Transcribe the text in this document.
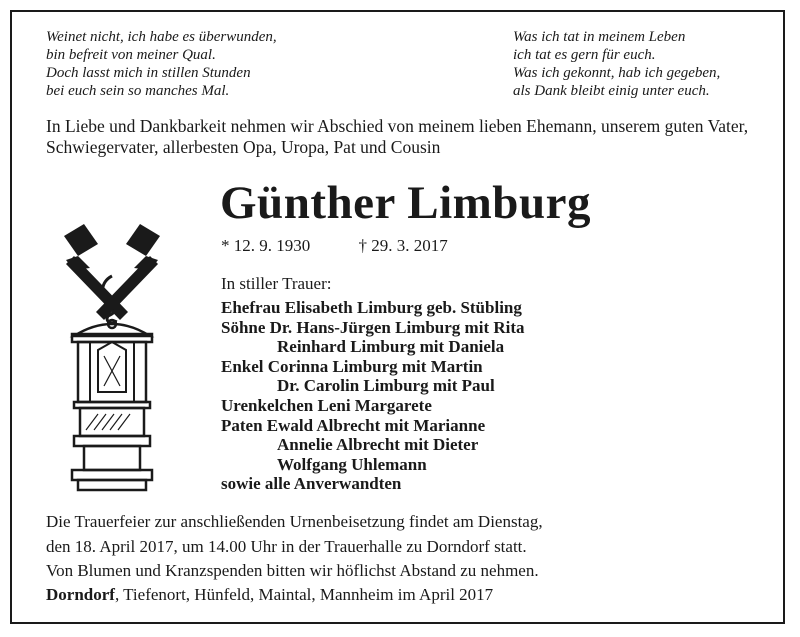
Weinet nicht, ich habe es überwunden,
bin befreit von meiner Qual.
Doch lasst mich in stillen Stunden
bei euch sein so manches Mal.
Was ich tat in meinem Leben
ich tat es gern für euch.
Was ich gekonnt, hab ich gegeben,
als Dank bleibt einig unter euch.
In Liebe und Dankbarkeit nehmen wir Abschied von meinem lieben Ehemann, unserem guten Vater, Schwiegervater, allerbesten Opa, Uropa, Pat und Cousin
Günther Limburg
* 12. 9. 1930	† 29. 3. 2017
In stiller Trauer:
Ehefrau Elisabeth Limburg geb. Stübling
Söhne Dr. Hans-Jürgen Limburg mit Rita
Reinhard Limburg mit Daniela
Enkel Corinna Limburg mit Martin
Dr. Carolin Limburg mit Paul
Urenkelchen Leni Margarete
Paten Ewald Albrecht mit Marianne
Annelie Albrecht mit Dieter
Wolfgang Uhlemann
sowie alle Anverwandten
Die Trauerfeier zur anschließenden Urnenbeisetzung findet am Dienstag,
den 18. April 2017, um 14.00 Uhr in der Trauerhalle zu Dorndorf statt.
Von Blumen und Kranzspenden bitten wir höflichst Abstand zu nehmen.
Dorndorf, Tiefenort, Hünfeld, Maintal, Mannheim im April 2017
